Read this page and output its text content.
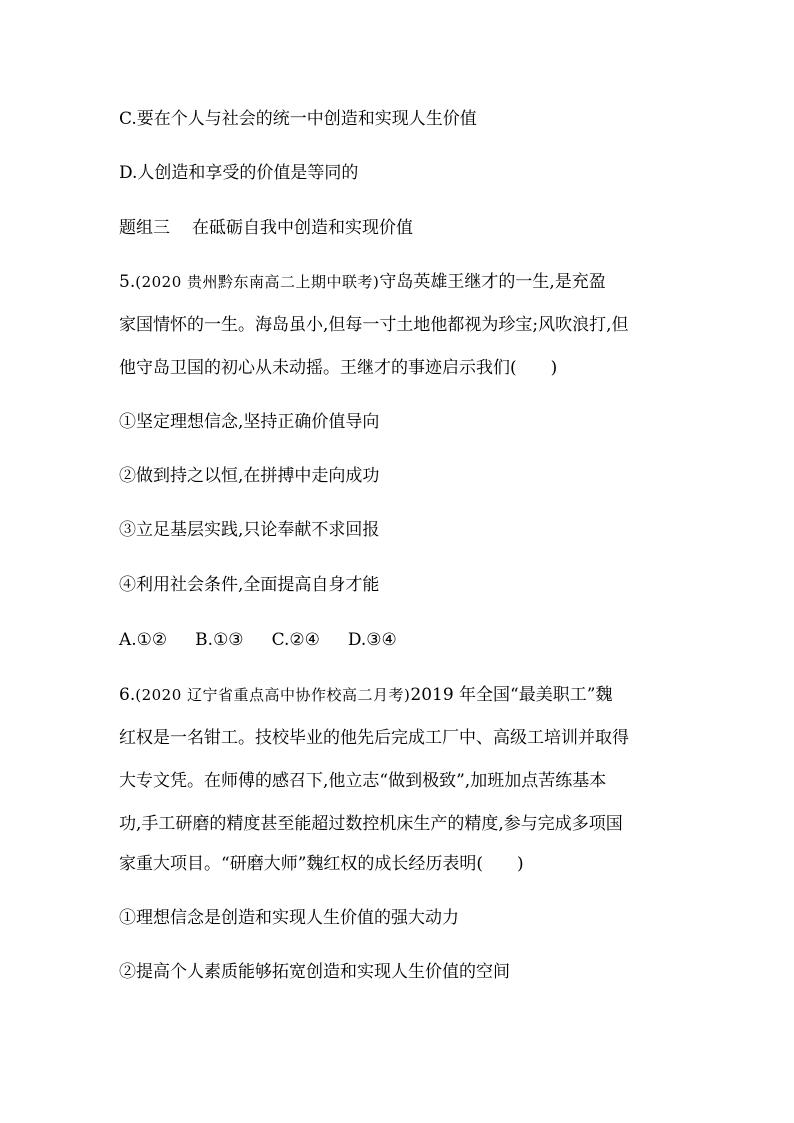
C.要在个人与社会的统一中创造和实现人生价值
D.人创造和享受的价值是等同的
题组三 在砥砺自我中创造和实现价值
5.(2020 贵州黔东南高二上期中联考)守岛英雄王继才的一生,是充盈
家国情怀的一生。海岛虽小,但每一寸土地他都视为珍宝;风吹浪打,但
他守岛卫国的初心从未动摇。王继才的事迹启示我们(　　)
①坚定理想信念,坚持正确价值导向
②做到持之以恒,在拼搏中走向成功
③立足基层实践,只论奉献不求回报
④利用社会条件,全面提高自身才能
A.①② B.①③ C.②④ D.③④
6.(2020 辽宁省重点高中协作校高二月考)2019 年全国“最美职工”魏
红权是一名钳工。技校毕业的他先后完成工厂中、高级工培训并取得
大专文凭。在师傅的感召下,他立志“做到极致”,加班加点苦练基本
功,手工研磨的精度甚至能超过数控机床生产的精度,参与完成多项国
家重大项目。“研磨大师”魏红权的成长经历表明(　　)
①理想信念是创造和实现人生价值的强大动力
②提高个人素质能够拓宽创造和实现人生价值的空间
